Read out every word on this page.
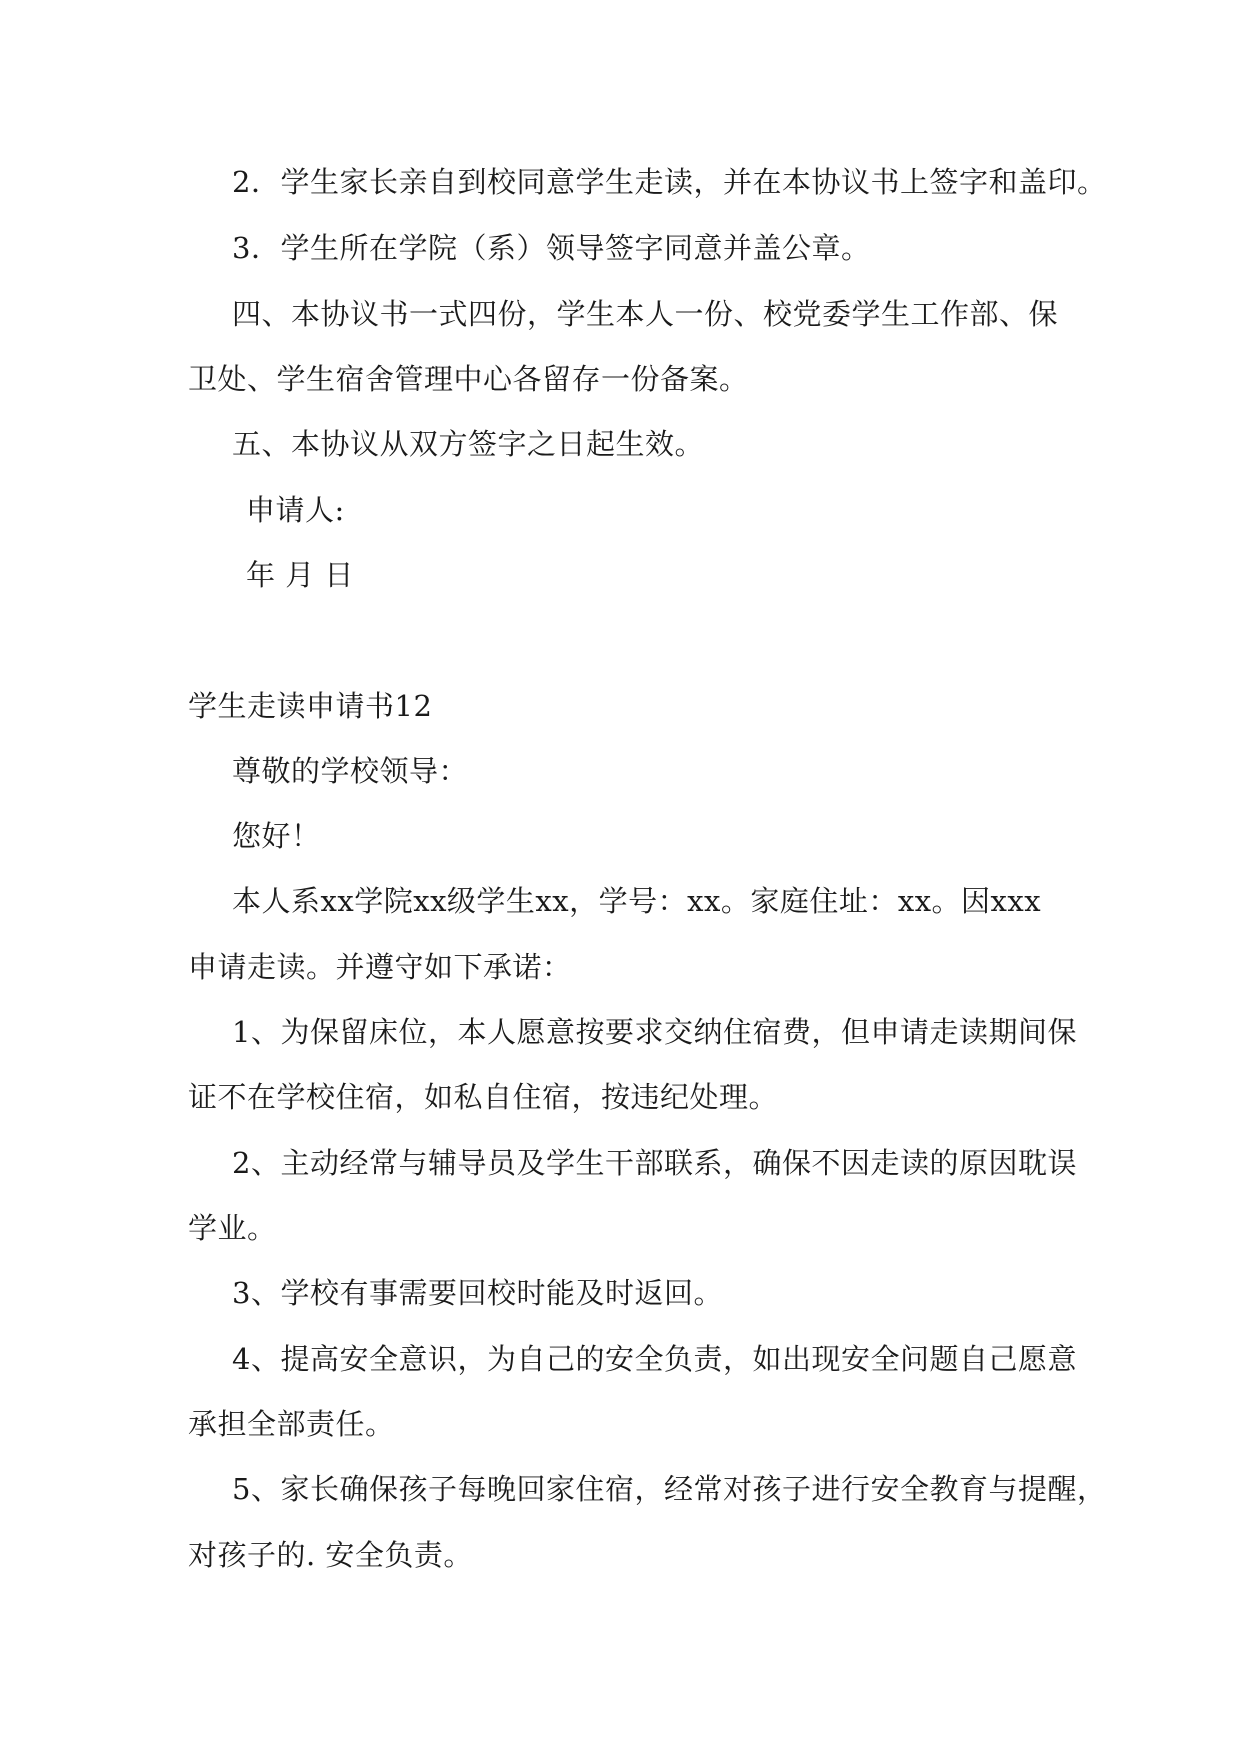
2．学生家长亲自到校同意学生走读，并在本协议书上签字和盖印。
3．学生所在学院（系）领导签字同意并盖公章。
四、本协议书一式四份，学生本人一份、校党委学生工作部、保
卫处、学生宿舍管理中心各留存一份备案。
五、本协议从双方签字之日起生效。
申请人:
年 月 日
学生走读申请书12
尊敬的学校领导：
您好！
本人系xx学院xx级学生xx，学号：xx。家庭住址：xx。因xxx
申请走读。并遵守如下承诺：
1、为保留床位，本人愿意按要求交纳住宿费，但申请走读期间保
证不在学校住宿，如私自住宿，按违纪处理。
2、主动经常与辅导员及学生干部联系，确保不因走读的原因耽误
学业。
3、学校有事需要回校时能及时返回。
4、提高安全意识，为自己的安全负责，如出现安全问题自己愿意
承担全部责任。
5、家长确保孩子每晚回家住宿，经常对孩子进行安全教育与提醒，
对孩子的. 安全负责。
